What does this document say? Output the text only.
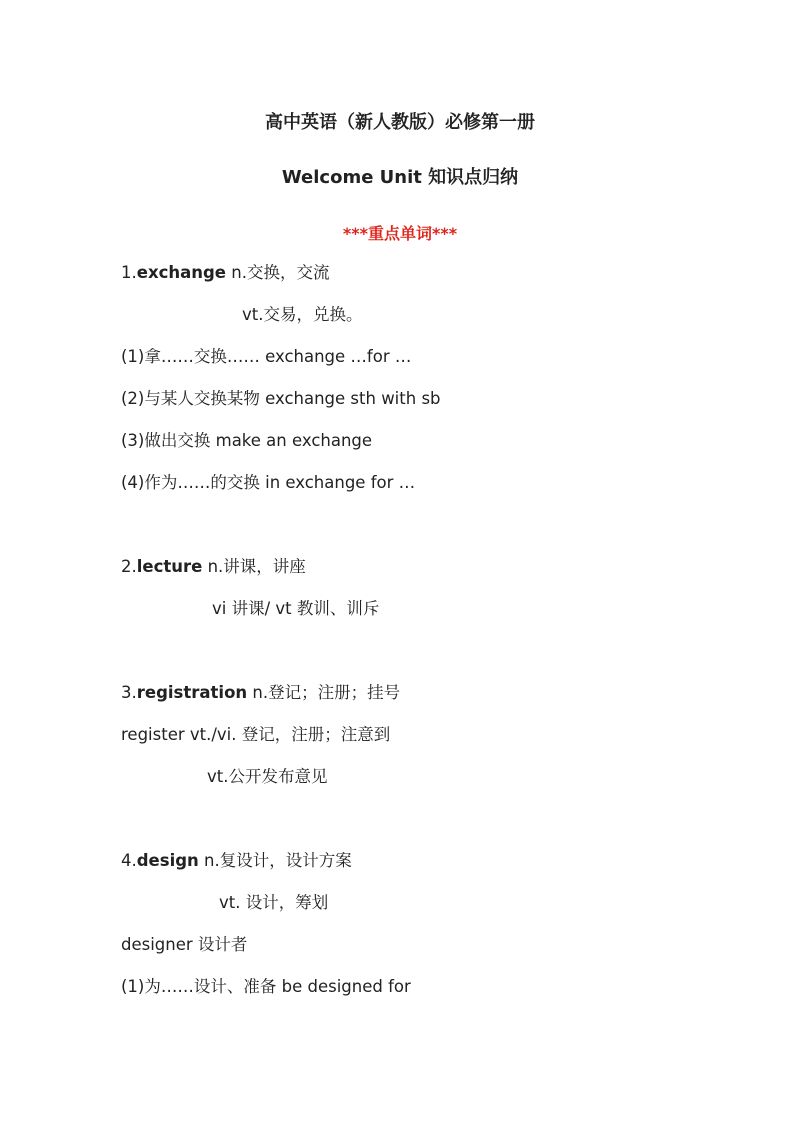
高中英语（新人教版）必修第一册
Welcome Unit 知识点归纳
***重点单词***
1.exchange n.交换，交流
vt.交易，兑换。
(1)拿……交换…… exchange …for …
(2)与某人交换某物 exchange sth with sb
(3)做出交换 make an exchange
(4)作为……的交换 in exchange for …
2.lecture n.讲课，讲座
vi 讲课/ vt 教训、训斥
3.registration n.登记；注册；挂号
register vt./vi. 登记，注册；注意到
vt.公开发布意见
4.design n.复设计，设计方案
vt. 设计，筹划
designer 设计者
(1)为……设计、准备 be designed for
